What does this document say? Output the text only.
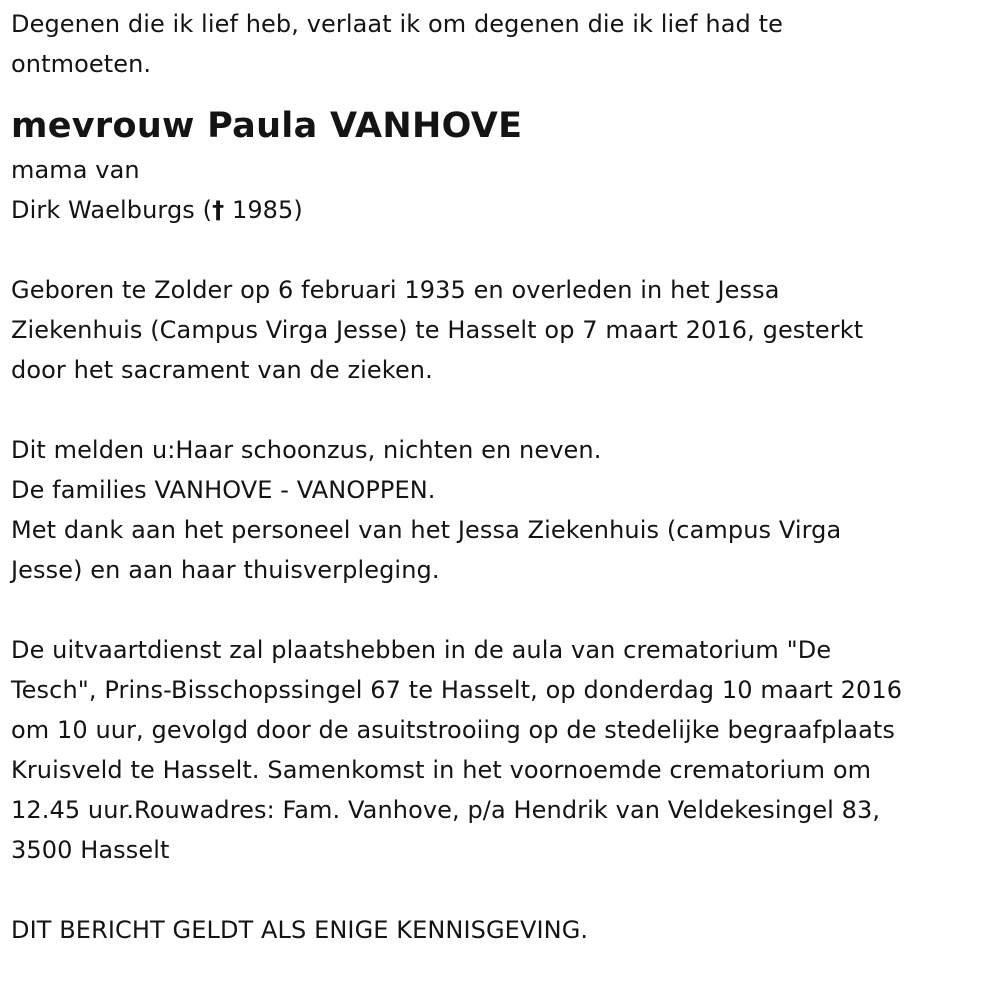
Degenen die ik lief heb, verlaat ik om degenen die ik lief had te
ontmoeten.

mevrouw Paula VANHOVE

mama van
Dirk Waelburgs († 1985)

Geboren te Zolder op 6 februari 1935 en overleden in het Jessa
Ziekenhuis (Campus Virga Jesse) te Hasselt op 7 maart 2016, gesterkt
door het sacrament van de zieken.

Dit melden u:Haar schoonzus, nichten en neven.
De families VANHOVE - VANOPPEN.
Met dank aan het personeel van het Jessa Ziekenhuis (campus Virga
Jesse) en aan haar thuisverpleging.

De uitvaartdienst zal plaatshebben in de aula van crematorium "De
Tesch", Prins-Bisschopssingel 67 te Hasselt, op donderdag 10 maart 2016
om 10 uur, gevolgd door de asuitstrooiing op de stedelijke begraafplaats
Kruisveld te Hasselt. Samenkomst in het voornoemde crematorium om
12.45 uur.Rouwadres: Fam. Vanhove, p/a Hendrik van Veldekesingel 83,
3500 Hasselt

DIT BERICHT GELDT ALS ENIGE KENNISGEVING.
